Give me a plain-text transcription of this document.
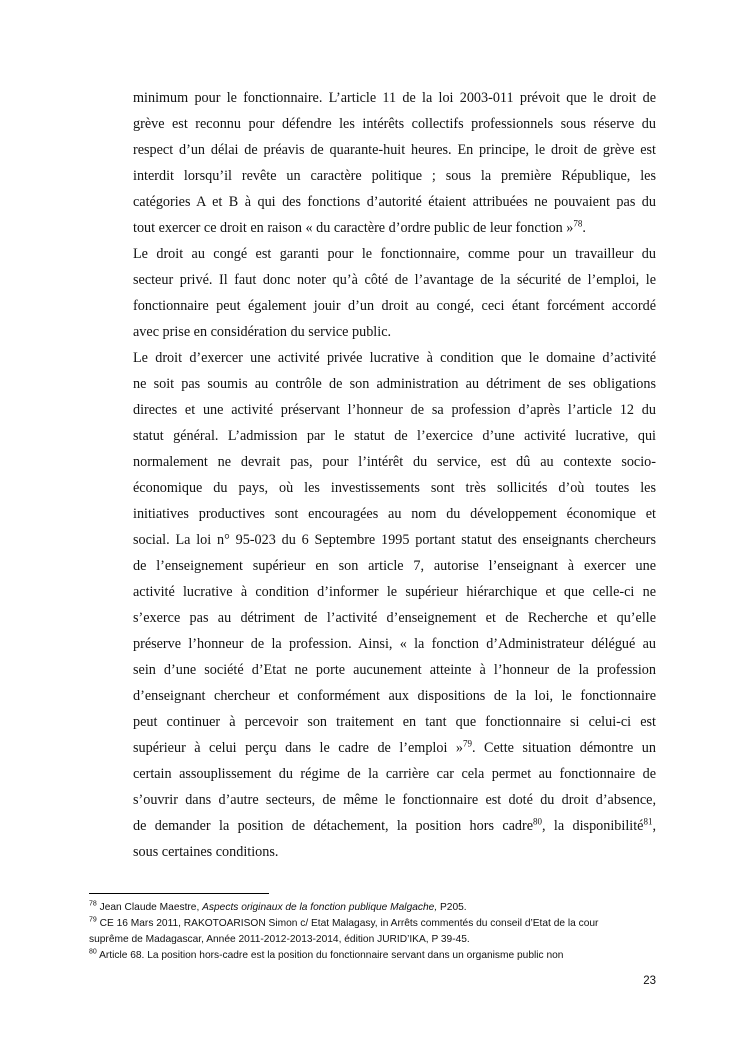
minimum pour le fonctionnaire. L’article 11 de la loi 2003-011 prévoit que le droit de
grève est reconnu pour défendre les intérêts collectifs professionnels sous réserve du
respect d’un délai de préavis de quarante-huit heures. En principe, le droit de grève est
interdit lorsqu’il revête un caractère politique ; sous la première République, les
catégories A et B à qui des fonctions d’autorité étaient attribuées ne pouvaient pas du
tout exercer ce droit en raison « du caractère d’ordre public de leur fonction »$^{78}$.
Le droit au congé est garanti pour le fonctionnaire, comme pour un travailleur du
secteur privé. Il faut donc noter qu’à côté de l’avantage de la sécurité de l’emploi, le
fonctionnaire peut également jouir d’un droit au congé, ceci étant forcément accordé
avec prise en considération du service public.
Le droit d’exercer une activité privée lucrative à condition que le domaine d’activité
ne soit pas soumis au contrôle de son administration au détriment de ses obligations
directes et une activité préservant l’honneur de sa profession d’après l’article 12 du
statut général. L’admission par le statut de l’exercice d’une activité lucrative, qui
normalement ne devrait pas, pour l’intérêt du service, est dû au contexte socio-
économique du pays, où les investissements sont très sollicités d’où toutes les
initiatives productives sont encouragées au nom du développement économique et
social. La loi n° 95-023 du 6 Septembre 1995 portant statut des enseignants chercheurs
de l’enseignement supérieur en son article 7, autorise l’enseignant à exercer une
activité lucrative à condition d’informer le supérieur hiérarchique et que celle-ci ne
s’exerce pas au détriment de l’activité d’enseignement et de Recherche et qu’elle
préserve l’honneur de la profession. Ainsi, « la fonction d’Administrateur délégué au
sein d’une société d’Etat ne porte aucunement atteinte à l’honneur de la profession
d’enseignant chercheur et conformément aux dispositions de la loi, le fonctionnaire
peut continuer à percevoir son traitement en tant que fonctionnaire si celui-ci est
supérieur à celui perçu dans le cadre de l’emploi »$^{79}$. Cette situation démontre un
certain assouplissement du régime de la carrière car cela permet au fonctionnaire de
s’ouvrir dans d’autre secteurs, de même le fonctionnaire est doté du droit d’absence,
de demander la position de détachement, la position hors cadre$^{80}$, la disponibilité$^{81}$,
sous certaines conditions.
$^{78}$ Jean Claude Maestre, Aspects originaux de la fonction publique Malgache, P205.
$^{79}$ CE 16 Mars 2011, RAKOTOARISON Simon c/ Etat Malagasy, in Arrêts commentés du conseil d’Etat de la cour
suprême de Madagascar, Année 2011-2012-2013-2014, édition JURID’IKA, P 39-45.
$^{80}$ Article 68. La position hors-cadre est la position du fonctionnaire servant dans un organisme public non
23
